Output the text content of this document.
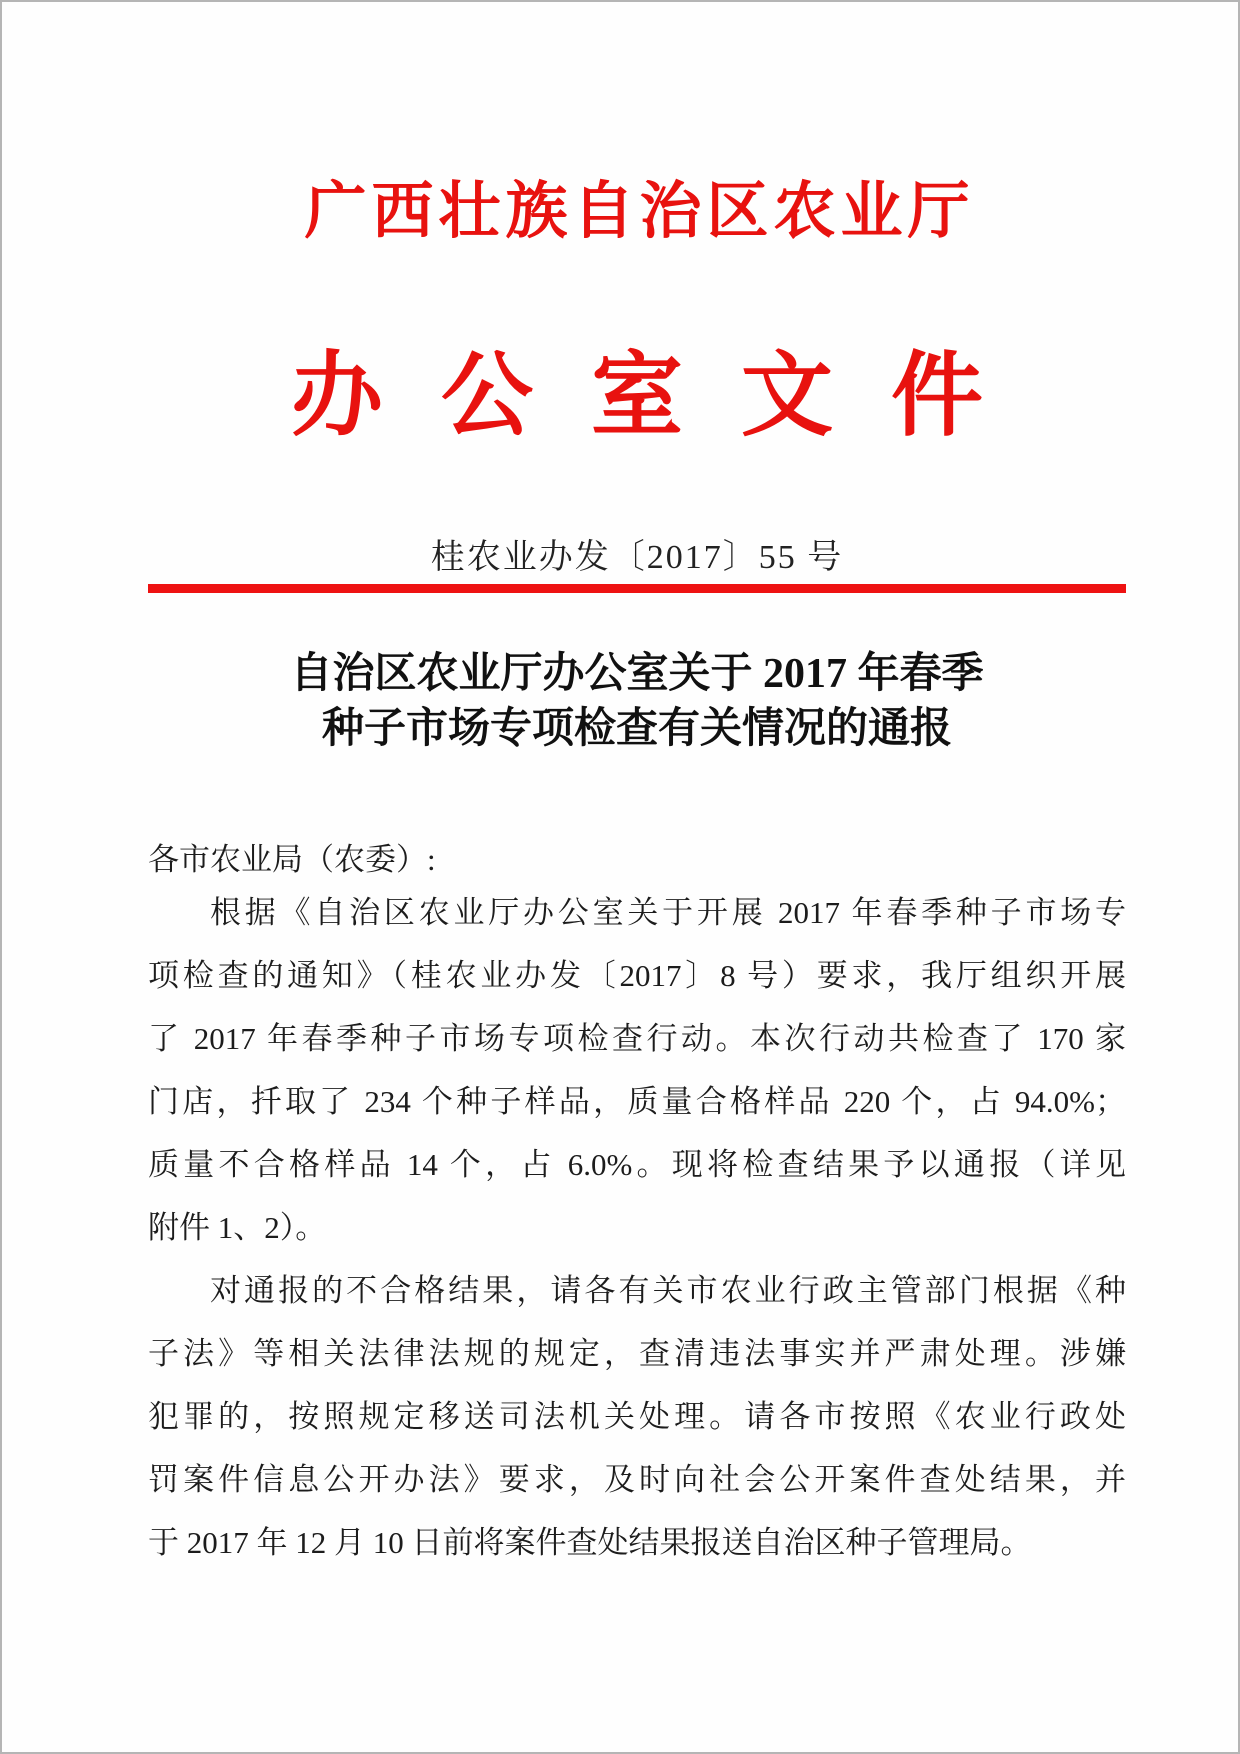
广西壮族自治区农业厅
办公室文件
桂农业办发〔2017〕55 号
自治区农业厅办公室关于 2017 年春季
种子市场专项检查有关情况的通报
各市农业局（农委）:
根据《自治区农业厅办公室关于开展 2017 年春季种子市场专
项检查的通知》（桂农业办发〔2017〕8 号）要求，我厅组织开展
了 2017 年春季种子市场专项检查行动。本次行动共检查了 170 家
门店，扦取了 234 个种子样品，质量合格样品 220 个，占 94.0%；
质量不合格样品 14 个，占 6.0%。现将检查结果予以通报（详见
附件 1、2）。
对通报的不合格结果，请各有关市农业行政主管部门根据《种
子法》等相关法律法规的规定，查清违法事实并严肃处理。涉嫌
犯罪的，按照规定移送司法机关处理。请各市按照《农业行政处
罚案件信息公开办法》要求，及时向社会公开案件查处结果，并
于 2017 年 12 月 10 日前将案件查处结果报送自治区种子管理局。
